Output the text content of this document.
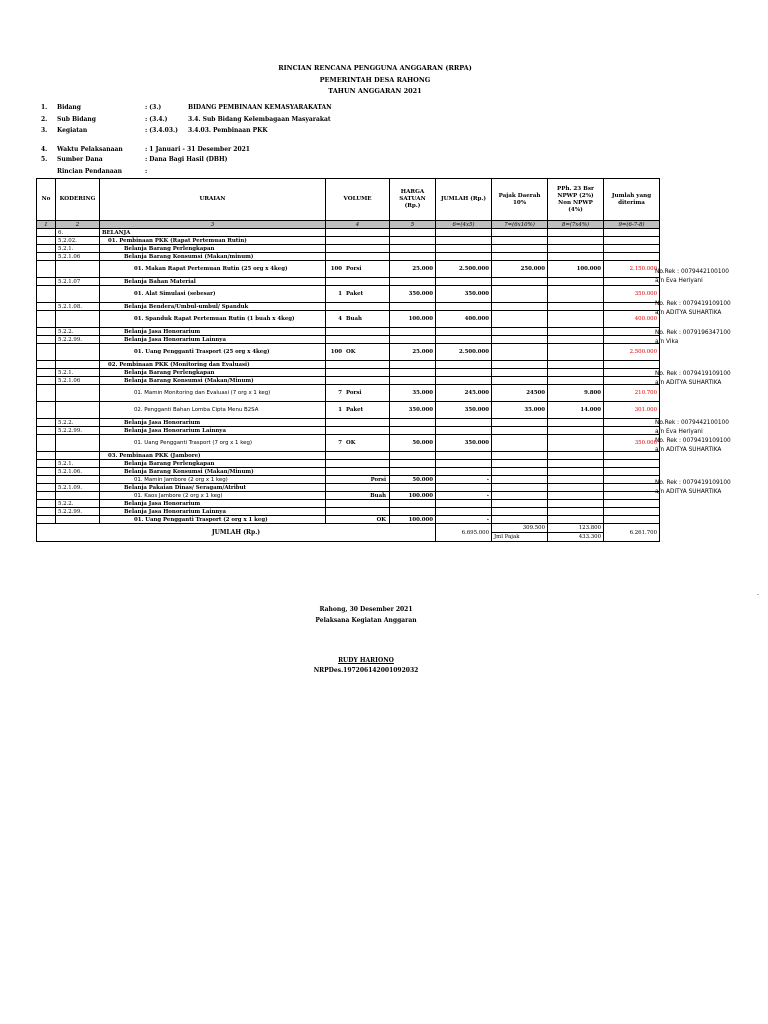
RINCIAN RENCANA PENGGUNA ANGGARAN (RRPA)
PEMERINTAH DESA RAHONG
TAHUN ANGGARAN 2021
1. Bidang	: (3.)	BIDANG PEMBINAAN KEMASYARAKATAN
2. Sub Bidang	: (3.4.)	3.4. Sub Bidang Kelembagaan Masyarakat
3. Kegiatan	: (3.4.03.) 3.4.03. Pembinaan PKK
4. Waktu Pelaksanaan	: 1 Januari - 31 Desember 2021
5. Sumber Dana	: Dana Bagi Hasil (DBH)
Rincian Pendanaan	:
No	KODERING	URAIAN	VOLUME	HARGA SATUAN (Rp.)	JUMLAH (Rp.)	Pajak Daerah 10%	PPh. 23 Bsr NPWP (2%) Non NPWP (4%)	Jumlah yang diterima
1	2	3	4	5	6=(4x5)	7=(6x10%)	8=(7x4%)	9=(6-7-8)
	6.	BELANJA						
	5.2.02.	01. Pembinaan PKK (Rapat Pertemuan Rutin)						
	5.2.1.	Belanja Barang Perlengkapan						
	5.2.1.06	Belanja Barang Konsumsi (Makan/minum)						
		01. Makan Rapat Pertemuan Rutin (25 org x 4keg)	100 Porsi	25.000	2.500.000	250.000	100.000	2.150.000
	5.2.1.07	Belanja Bahan Material						
		01. Alat Simulasi (sebesar)	1 Paket	350.000	350.000			350.000
	5.2.1.08.	Belanja Bendera/Umbul-umbul/ Spanduk						
		01. Spanduk Rapat Pertemuan Rutin (1 buah x 4keg)	4 Buah	100.000	400.000			400.000
	5.2.2.	Belanja Jasa Honorarium						
	5.2.2.99.	Belanja Jasa Honorarium Lainnya						
		01. Uang Pengganti Trasport (25 org x 4keg)	100 OK	25.000	2.500.000			2.500.000
		02. Pembinaan PKK (Monitoring dan Evaluasi)						
	5.2.1.	Belanja Barang Perlengkapan						
	5.2.1.06	Belanja Barang Konsumsi (Makan/Minum)						
		01. Mamin Monitoring dan Evaluasi (7 org x 1 keg)	7 Porsi	35.000	245.000	24500	9.800	210.700
		02. Pengganti Bahan Lomba Cipta Menu B2SA	1 Paket	350.000	350.000	35.000	14.000	301.000
	5.2.2.	Belanja Jasa Honorarium						
	5.2.2.99.	Belanja Jasa Honorarium Lainnya						
		01. Uang Pengganti Trasport (7 org x 1 keg)	7 OK	50.000	350.000			350.000
		03. Pembinaan PKK (Jambore)						
	5.2.1.	Belanja Barang Perlengkapan						
	5.2.1.06.	Belanja Barang Konsumsi (Makan/Minum)						
		01. Mamin Jambore (2 org x 1 keg)	Porsi	50.000	-			
	5.2.1.09.	Belanja Pakaian Dinas/ Seragam/Atribut						
		01. Kaos Jambore (2 org x 1 keg)	Buah	100.000	-			
	5.2.2.	Belanja Jasa Honorarium						
	5.2.2.99.	Belanja Jasa Honorarium Lainnya						
		01. Uang Pengganti Trasport (2 org x 1 keg)	OK	100.000	-			
JUMLAH (Rp.)					6.695.000	309.500	123.800	6.261.700
						Jml Pajak	433.300	
No.Rek : 0079442100100
a/n Eva Heriyani
No. Rek : 0079419109100
a/n ADITYA SUHARTIKA
No. Rek : 0079196347100
a/n Vika
No. Rek : 0079419109100
a/n ADITYA SUHARTIKA
No.Rek : 0079442100100
a/n Eva Heriyani
No. Rek : 0079419109100
a/n ADITYA SUHARTIKA
No. Rek : 0079419109100
a/n ADITYA SUHARTIKA
-
Rahong, 30 Desember 2021
Pelaksana Kegiatan Anggaran
RUDY HARIONO
NRPDes.197206142001092032
